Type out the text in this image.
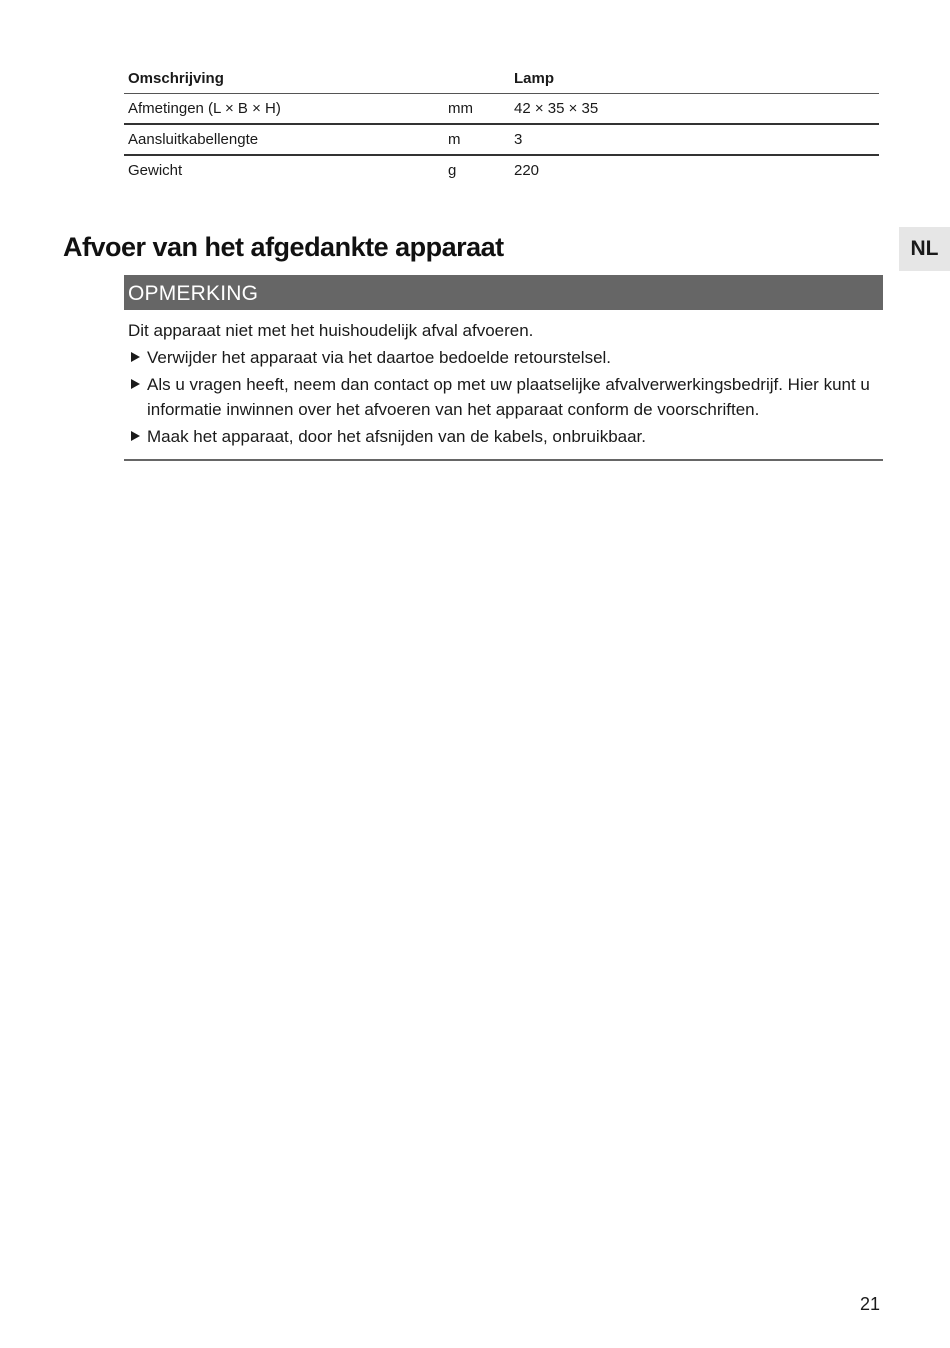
Omschrijving		Lamp
Afmetingen (L × B × H)	mm	42 × 35 × 35
Aansluitkabellengte	m	3
Gewicht	g	220
Afvoer van het afgedankte apparaat	NL
OPMERKING

Dit apparaat niet met het huishoudelijk afval afvoeren.

Verwijder het apparaat via het daartoe bedoelde retourstelsel.
Als u vragen heeft, neem dan contact op met uw plaatselijke afvalverwerkingsbedrijf. Hier kunt u informatie inwinnen over het afvoeren van het apparaat conform de voorschriften.
Maak het apparaat, door het afsnijden van de kabels, onbruikbaar.
21
